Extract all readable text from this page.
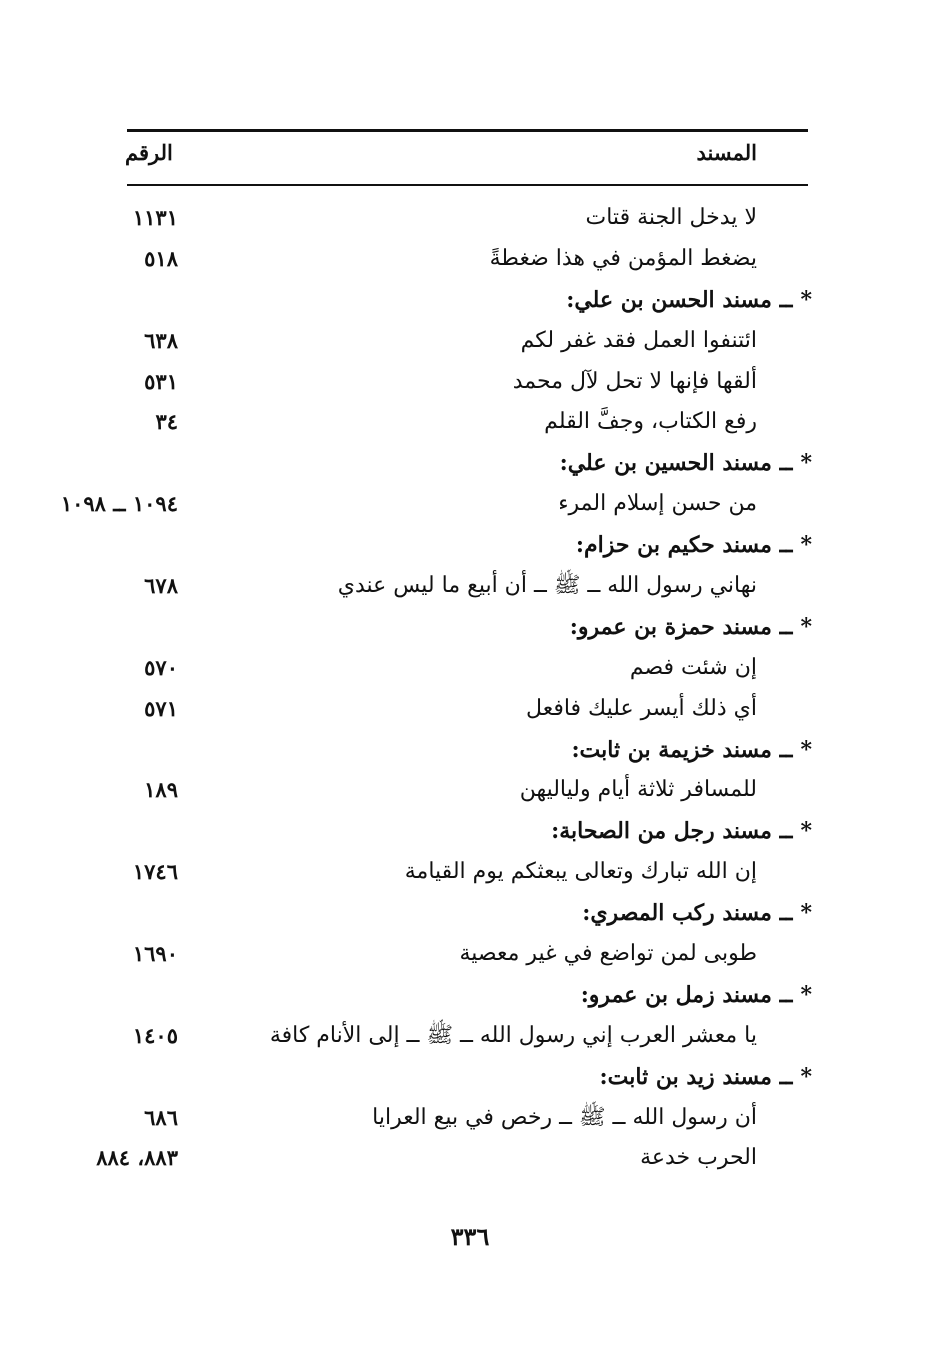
المسند
الرقم
لا يدخل الجنة قتات
١١٣١
يضغط المؤمن في هذا ضغطةً
٥١٨
*ــ مسند الحسن بن علي:
ائتنفوا العمل فقد غفر لكم
٦٣٨
ألقها فإنها لا تحل لآل محمد
٥٣١
رفع الكتاب، وجفَّ القلم
٣٤
*ــ مسند الحسين بن علي:
من حسن إسلام المرء
١٠٩٤ ــ ١٠٩٨
*ــ مسند حكيم بن حزام:
نهاني رسول الله ــ ﷺ ــ أن أبيع ما ليس عندي
٦٧٨
*ــ مسند حمزة بن عمرو:
إن شئت فصم
٥٧٠
أي ذلك أيسر عليك فافعل
٥٧١
*ــ مسند خزيمة بن ثابت:
للمسافر ثلاثة أيام ولياليهن
١٨٩
*ــ مسند رجل من الصحابة:
إن الله تبارك وتعالى يبعثكم يوم القيامة
١٧٤٦
*ــ مسند ركب المصري:
طوبى لمن تواضع في غير معصية
١٦٩٠
*ــ مسند زمل بن عمرو:
يا معشر العرب إني رسول الله ــ ﷺ ــ إلى الأنام كافة
١٤٠٥
*ــ مسند زيد بن ثابت:
أن رسول الله ــ ﷺ ــ رخص في بيع العرايا
٦٨٦
الحرب خدعة
٨٨٣، ٨٨٤
٣٣٦
